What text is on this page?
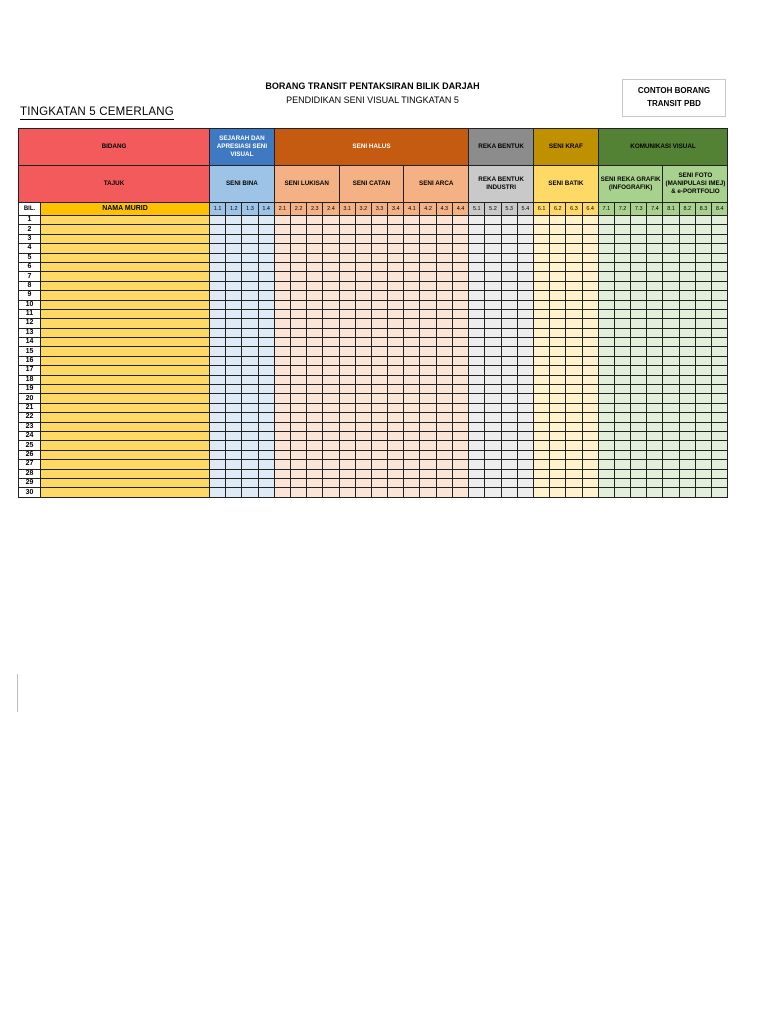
BORANG TRANSIT PENTAKSIRAN BILIK DARJAH
PENDIDIKAN SENI VISUAL TINGKATAN 5
TINGKATAN 5 CEMERLANG
CONTOH BORANG
TRANSIT PBD
BIDANG		SEJARAH DAN APRESIASI SENI VISUAL				SENI HALUS												REKA BENTUK				SENI KRAF				KOMUNIKASI VISUAL							
TAJUK		SENI BINA				SENI LUKISAN				SENI CATAN				SENI ARCA				REKA BENTUK INDUSTRI				SENI BATIK				SENI REKA GRAFIK (INFOGRAFIK)				SENI FOTO (MANIPULASI IMEJ) & e-PORTFOLIO			
BIL.	NAMA MURID	1.1	1.2	1.3	1.4	2.1	2.2	2.3	2.4	3.1	3.2	3.3	3.4	4.1	4.2	4.3	4.4	5.1	5.2	5.3	5.4	6.1	6.2	6.3	6.4	7.1	7.2	7.3	7.4	8.1	8.2	8.3	8.4
1																																	
2																																	
3																																	
4																																	
5																																	
6																																	
7																																	
8																																	
9																																	
10																																	
11																																	
12																																	
13																																	
14																																	
15																																	
16																																	
17																																	
18																																	
19																																	
20																																	
21																																	
22																																	
23																																	
24																																	
25																																	
26																																	
27																																	
28																																	
29																																	
30																																	
